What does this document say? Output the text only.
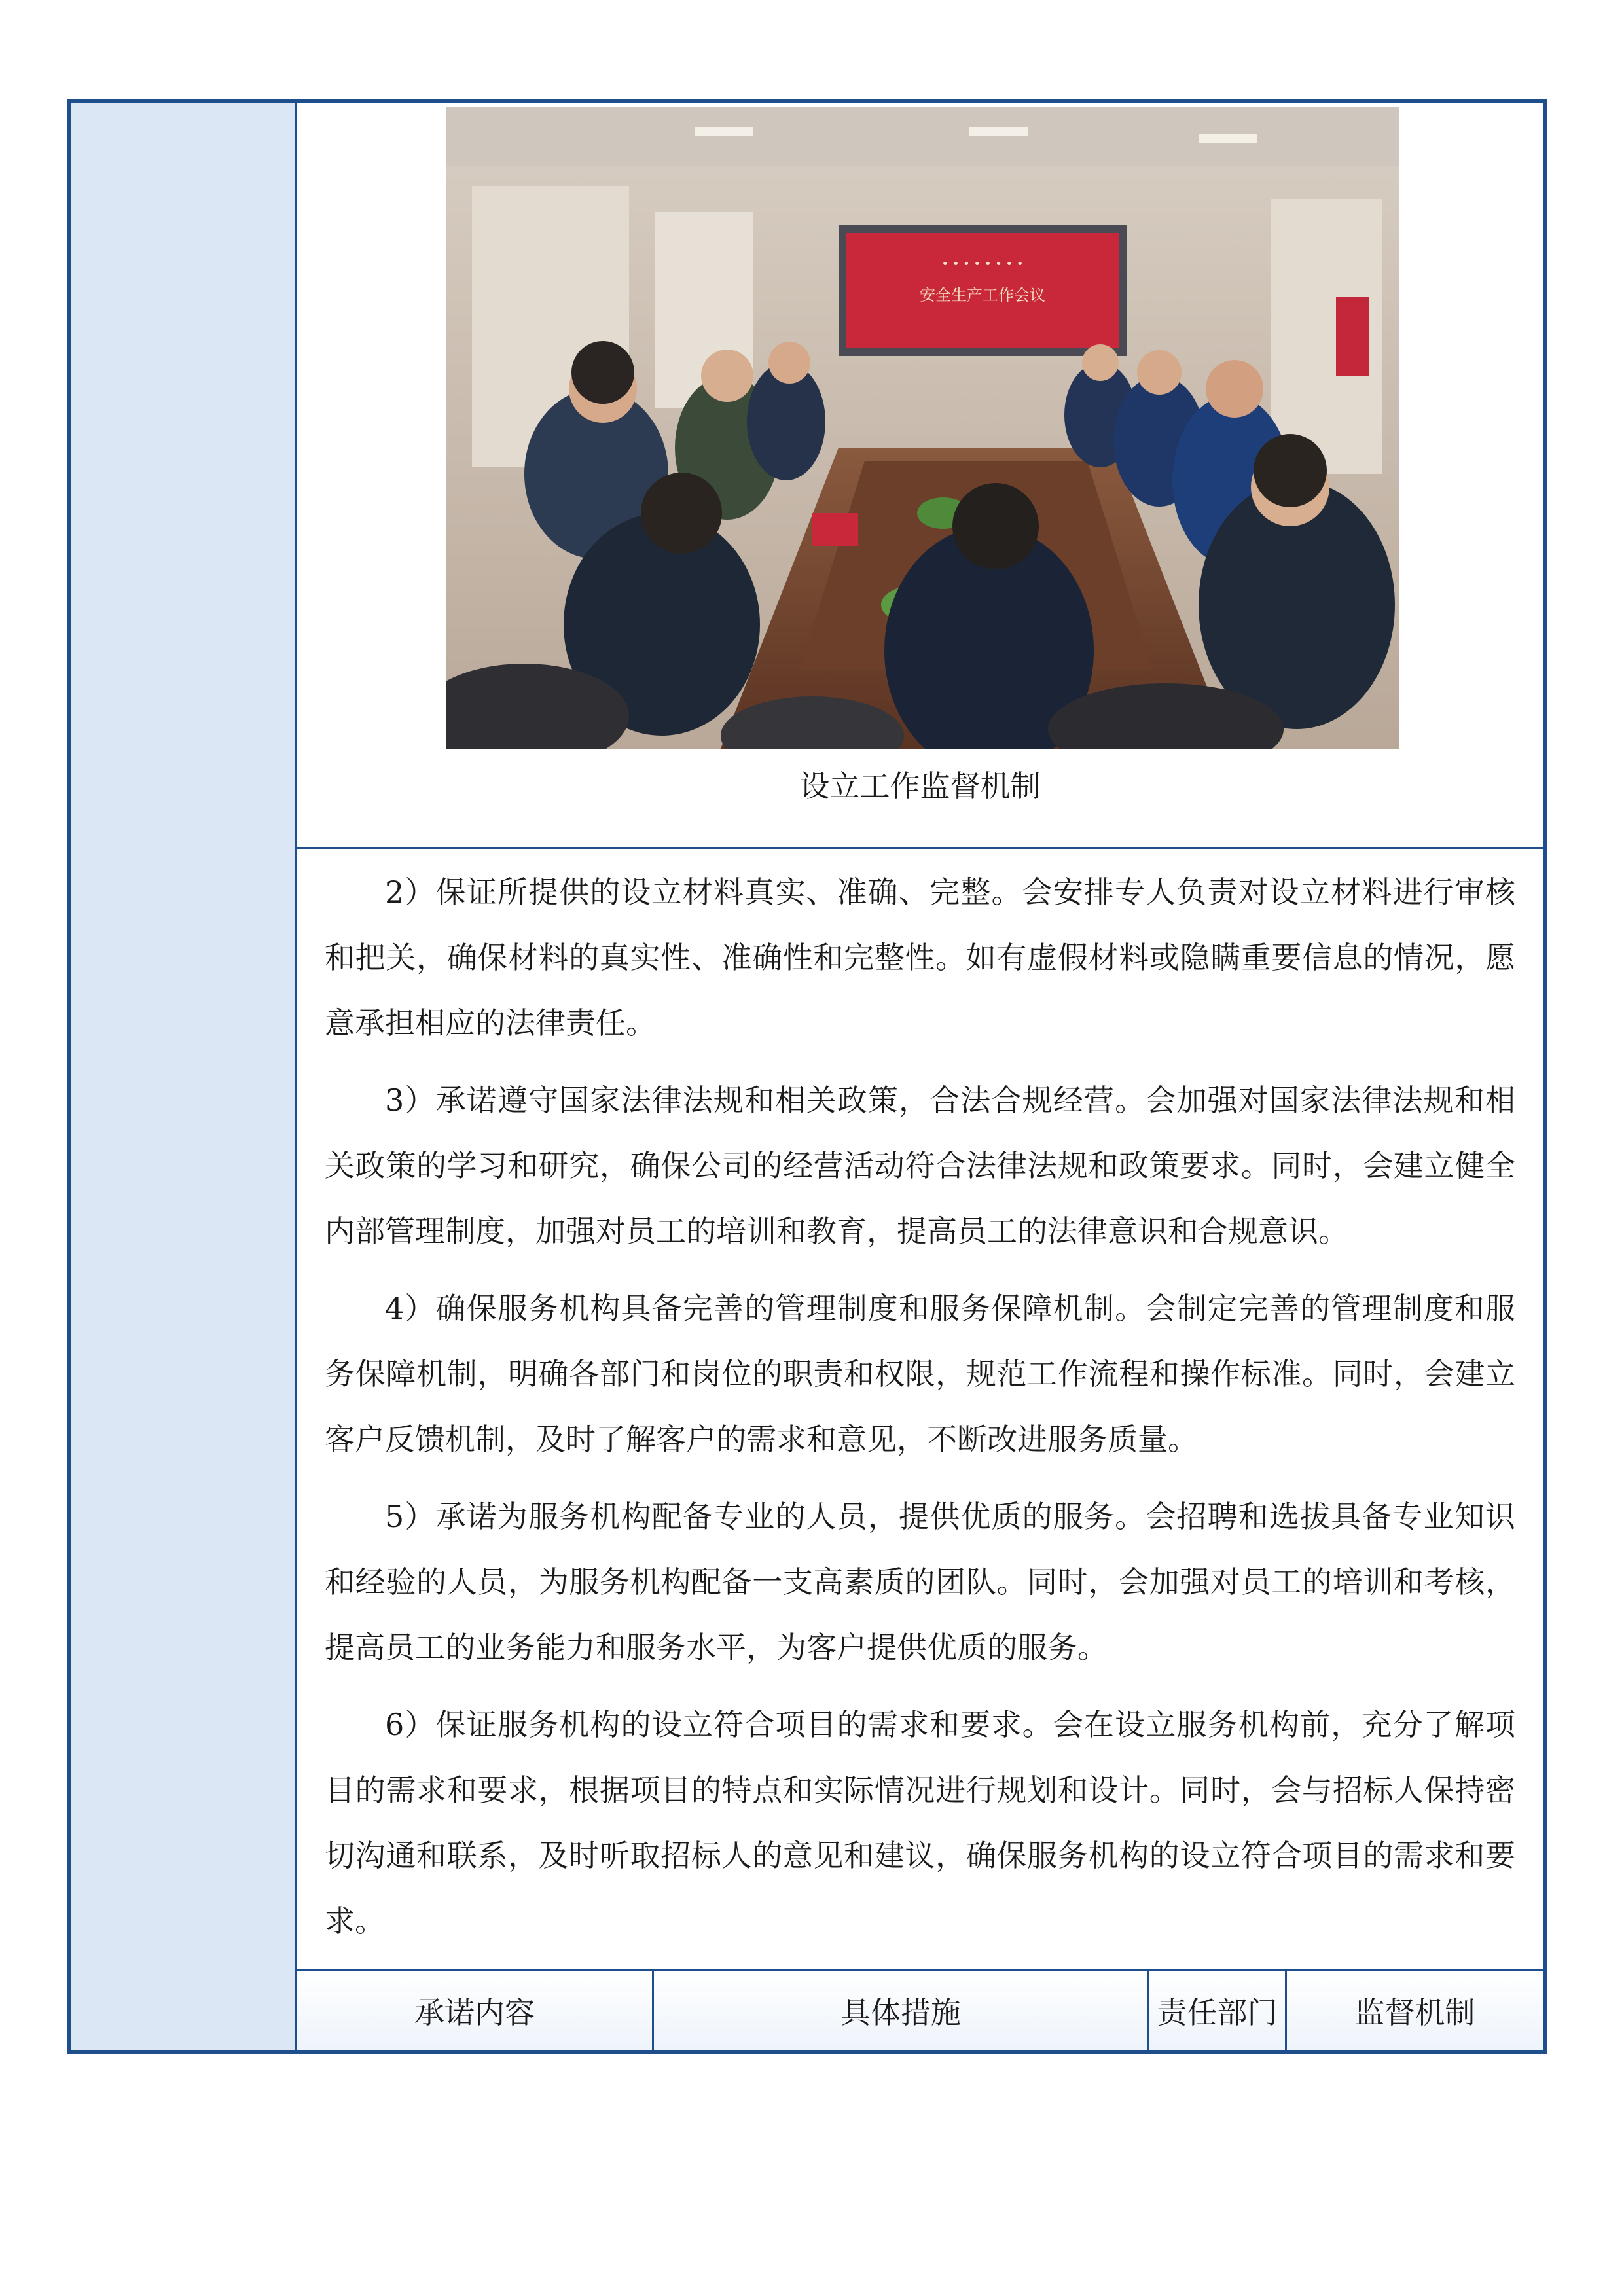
• • • • • • • •
安全生产工作会议
设立工作监督机制

2）保证所提供的设立材料真实、准确、完整。会安排专人负责对设立材料进行审核和把关，确保材料的真实性、准确性和完整性。如有虚假材料或隐瞒重要信息的情况，愿意承担相应的法律责任。

3）承诺遵守国家法律法规和相关政策，合法合规经营。会加强对国家法律法规和相关政策的学习和研究，确保公司的经营活动符合法律法规和政策要求。同时，会建立健全内部管理制度，加强对员工的培训和教育，提高员工的法律意识和合规意识。

4）确保服务机构具备完善的管理制度和服务保障机制。会制定完善的管理制度和服务保障机制，明确各部门和岗位的职责和权限，规范工作流程和操作标准。同时，会建立客户反馈机制，及时了解客户的需求和意见，不断改进服务质量。

5）承诺为服务机构配备专业的人员，提供优质的服务。会招聘和选拔具备专业知识和经验的人员，为服务机构配备一支高素质的团队。同时，会加强对员工的培训和考核，提高员工的业务能力和服务水平，为客户提供优质的服务。

6）保证服务机构的设立符合项目的需求和要求。会在设立服务机构前，充分了解项目的需求和要求，根据项目的特点和实际情况进行规划和设计。同时，会与招标人保持密切沟通和联系，及时听取招标人的意见和建议，确保服务机构的设立符合项目的需求和要求。

承诺内容	具体措施	责任部门	监督机制
